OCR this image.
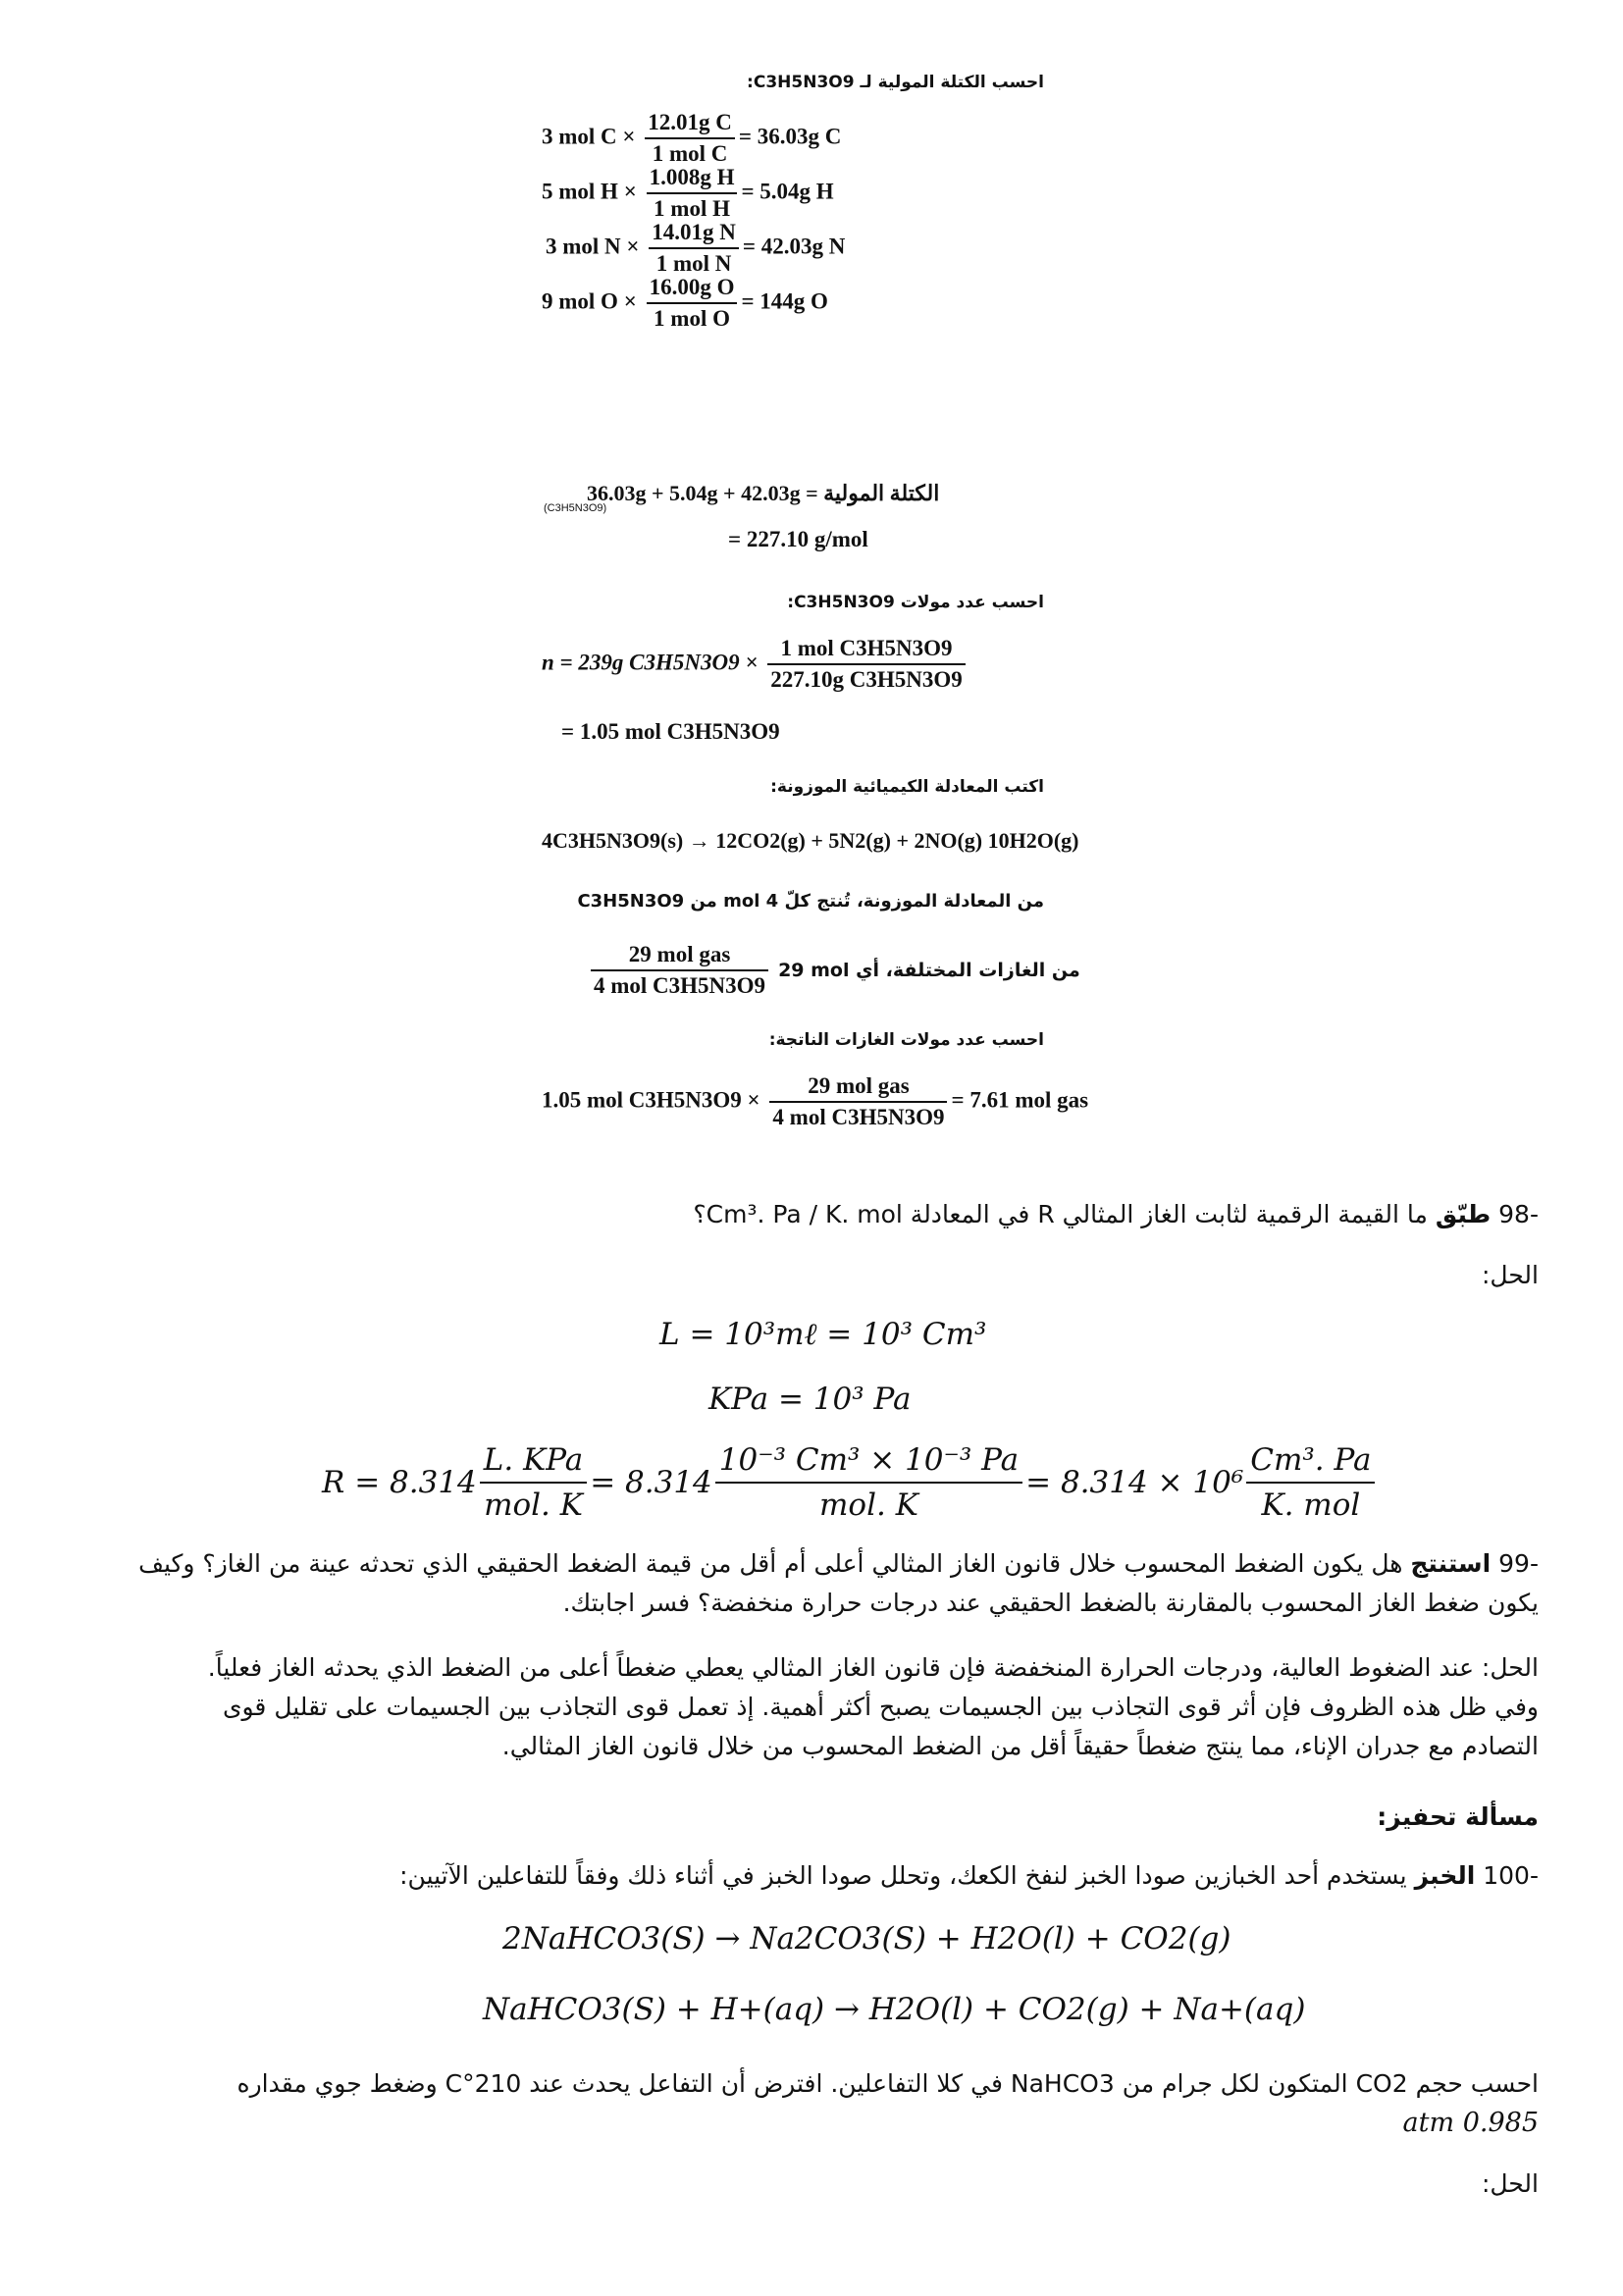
احسب الكتلة المولية لـ C3H5N3O9:
3 mol $C \times \frac{\text{12.01g C}}{\text{1 mol C}} = 36.03g$ C
5 mol $H \times \frac{\text{1.008g H}}{\text{1 mol H}} = 5.04g$ H
3 mol $N \times \frac{\text{14.01g N}}{\text{1 mol N}} = 42.03g$ N
9 mol $O \times \frac{\text{16.00g O}}{\text{1 mol O}} = 144g$ O
(C3H5N3O9)
الكتلة المولية = 36.03g + 5.04g + 42.03g
= 227.10 g/mol
احسب عدد مولات C3H5N3O9:
n = 239g $C3H5N3O9 \times \frac{\text{1 mol C3H5N3O9}}{\text{227.10g C3H5N3O9}}$
= 1.05 mol C3H5N3O9
اكتب المعادلة الكيميائية الموزونة:
4C3H5N3O9(s) → 12CO2(g) + 5N2(g) + 2NO(g) 10H2O(g)
من المعادلة الموزونة، تُنتج كلّ 4 mol من C3H5N3O9
$\frac{\text{29 mol gas}}{\text{4 mol C3H5N3O9}} 29$ mol من الغازات المختلفة، أي
احسب عدد مولات الغازات الناتجة:
1.05 mol $C3H5N3O9 \times \frac{\text{29 mol gas}}{\text{4 mol C3H5N3O9}} = 7.61$ mol gas
-98 طبّق ما القيمة الرقمية لثابت الغاز المثالي R في المعادلة Cm³. Pa / K. mol؟
الحل:
L = 10³mℓ = 10³ Cm³
KPa = 10³ Pa
$R = 8.314 \frac{\text{L. KPa}}{\text{mol. K}} = 8.314 \frac{\text{10⁻³ Cm³ × 10⁻³ Pa}}{\text{mol. K}} = 8.314 \times 10^6 \frac{\text{Cm³. Pa}}{\text{K. mol}}$
-99 استنتج هل يكون الضغط المحسوب خلال قانون الغاز المثالي أعلى أم أقل من قيمة الضغط الحقيقي الذي تحدثه عينة من الغاز؟ وكيف
يكون ضغط الغاز المحسوب بالمقارنة بالضغط الحقيقي عند درجات حرارة منخفضة؟ فسر اجابتك.
الحل: عند الضغوط العالية، ودرجات الحرارة المنخفضة فإن قانون الغاز المثالي يعطي ضغطاً أعلى من الضغط الذي يحدثه الغاز فعلياً.
وفي ظل هذه الظروف فإن أثر قوى التجاذب بين الجسيمات يصبح أكثر أهمية. إذ تعمل قوى التجاذب بين الجسيمات على تقليل قوى
التصادم مع جدران الإناء، مما ينتج ضغطاً حقيقاً أقل من الضغط المحسوب من خلال قانون الغاز المثالي.
مسألة تحفيز:
-100 الخبز يستخدم أحد الخبازين صودا الخبز لنفخ الكعك، وتحلل صودا الخبز في أثناء ذلك وفقاً للتفاعلين الآتيين:
2NaHCO3(S) → Na2CO3(S) + H2O(l) + CO2(g)
NaHCO3(S) + H+(aq) → H2O(l) + CO2(g) + Na+(aq)
احسب حجم CO2 المتكون لكل جرام من NaHCO3 في كلا التفاعلين. افترض أن التفاعل يحدث عند 210°C وضغط جوي مقداره
0.985 atm
الحل:
